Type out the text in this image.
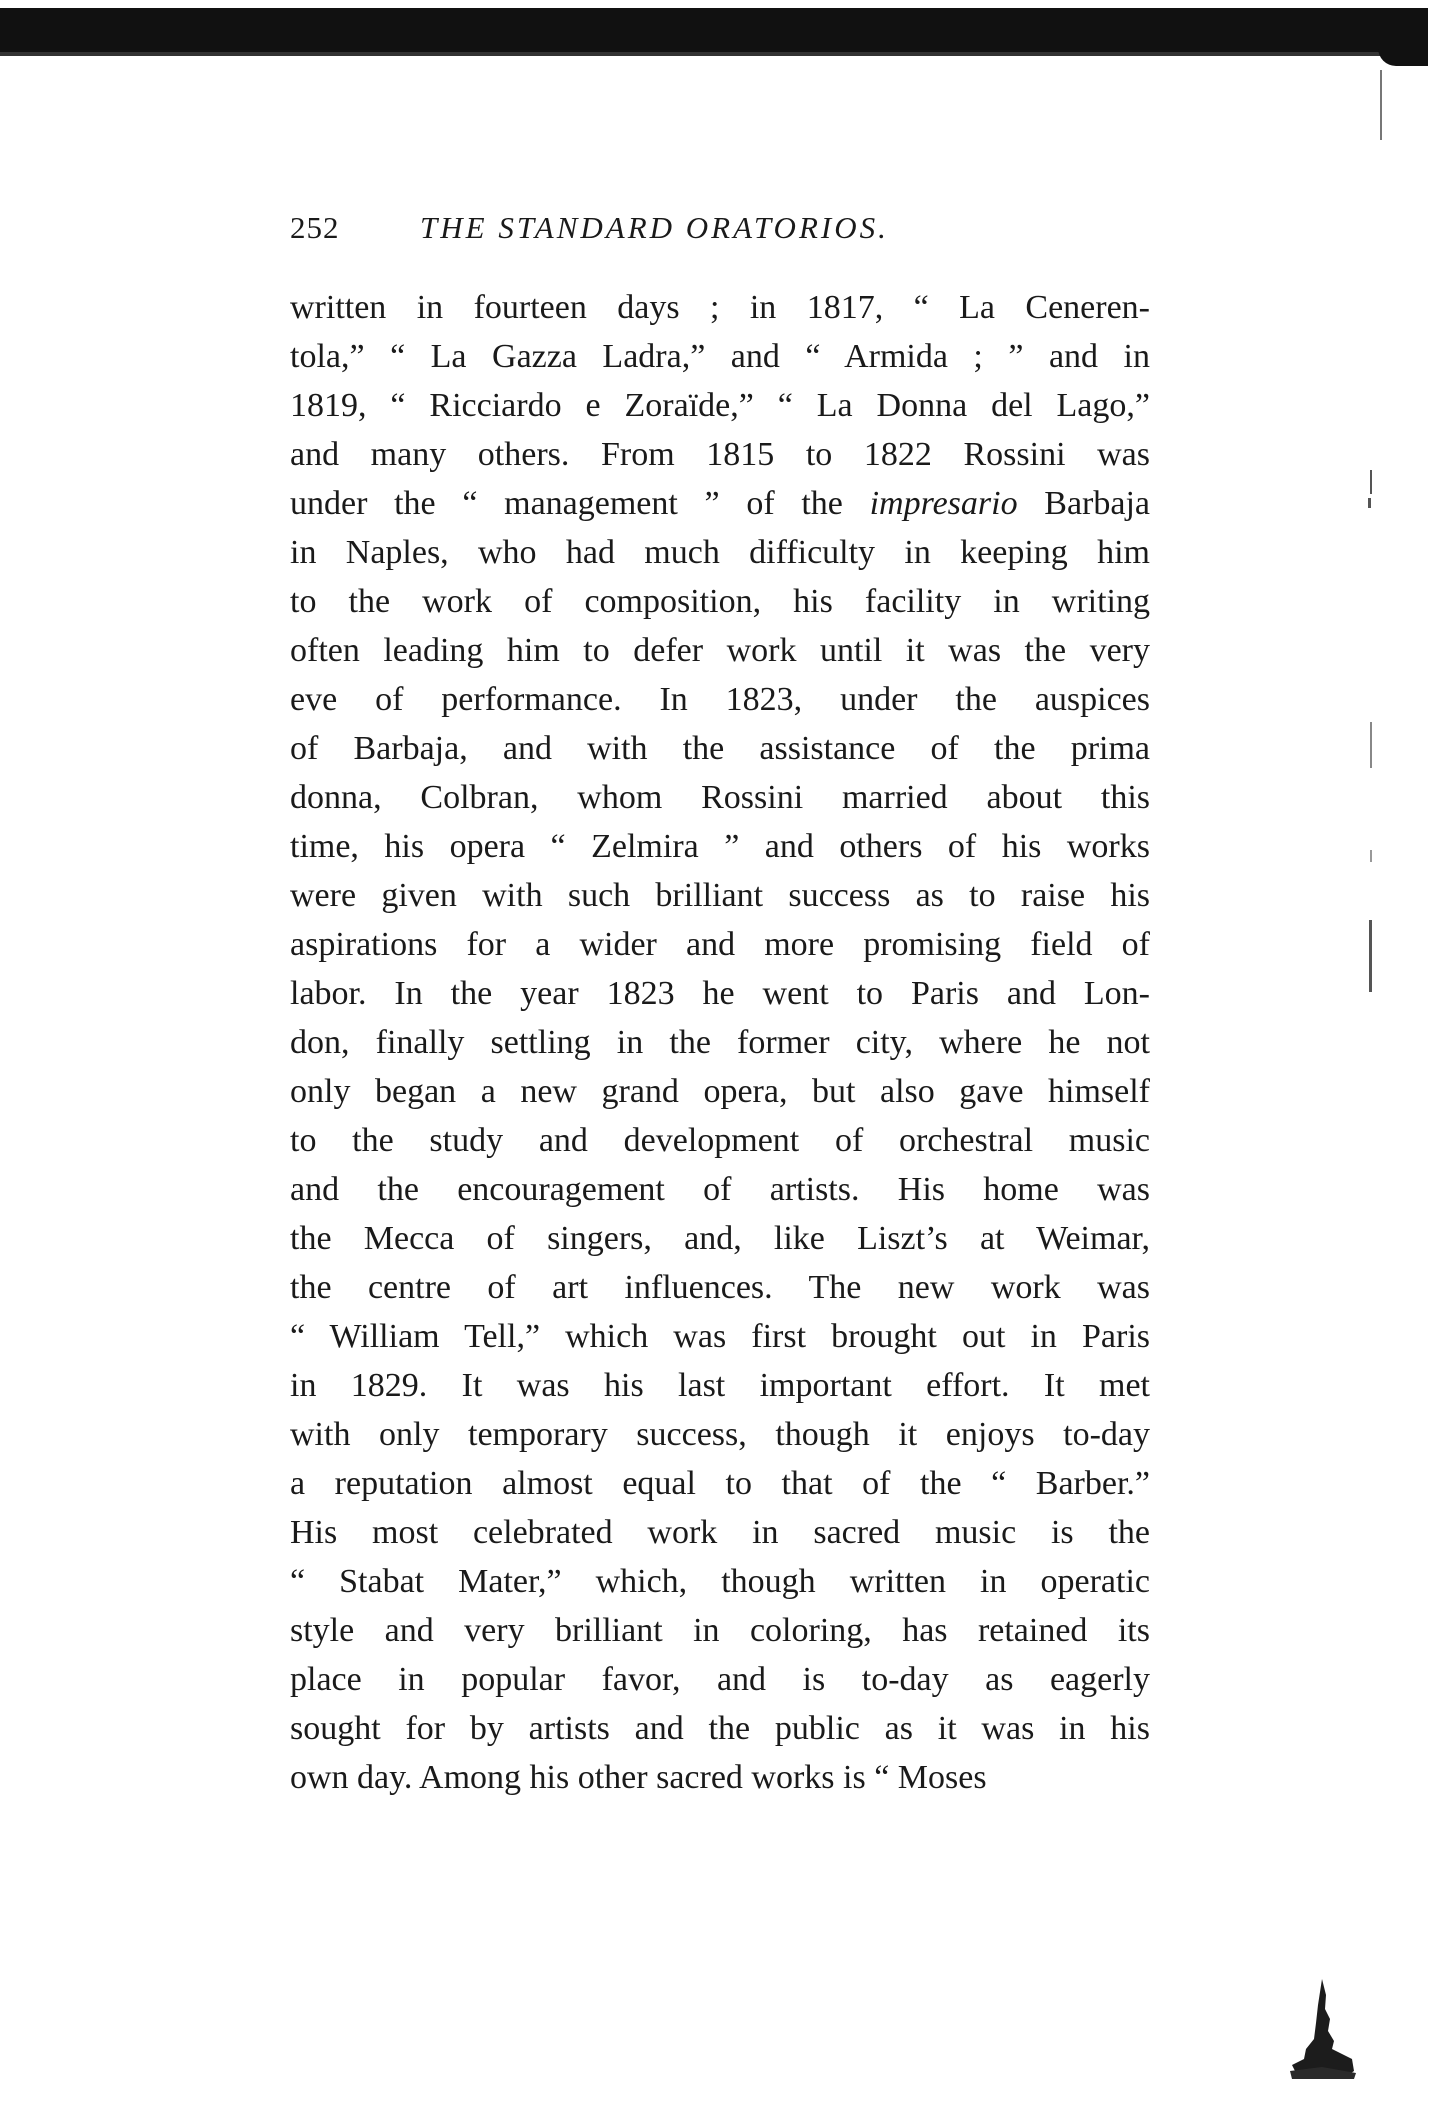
252	THE STANDARD ORATORIOS.
written in fourteen days ; in 1817, “ La Ceneren-
tola,” “ La Gazza Ladra,” and “ Armida ; ” and in
1819, “ Ricciardo e Zoraïde,” “ La Donna del Lago,”
and many others. From 1815 to 1822 Rossini was
under the “ management ” of the impresario Barbaja
in Naples, who had much difficulty in keeping him
to the work of composition, his facility in writing
often leading him to defer work until it was the very
eve of performance. In 1823, under the auspices
of Barbaja, and with the assistance of the prima
donna, Colbran, whom Rossini married about this
time, his opera “ Zelmira ” and others of his works
were given with such brilliant success as to raise his
aspirations for a wider and more promising field of
labor. In the year 1823 he went to Paris and Lon-
don, finally settling in the former city, where he not
only began a new grand opera, but also gave himself
to the study and development of orchestral music
and the encouragement of artists. His home was
the Mecca of singers, and, like Liszt’s at Weimar,
the centre of art influences. The new work was
“ William Tell,” which was first brought out in Paris
in 1829. It was his last important effort. It met
with only temporary success, though it enjoys to-day
a reputation almost equal to that of the “ Barber.”
His most celebrated work in sacred music is the
“ Stabat Mater,” which, though written in operatic
style and very brilliant in coloring, has retained its
place in popular favor, and is to-day as eagerly
sought for by artists and the public as it was in his
own day. Among his other sacred works is “ Moses
